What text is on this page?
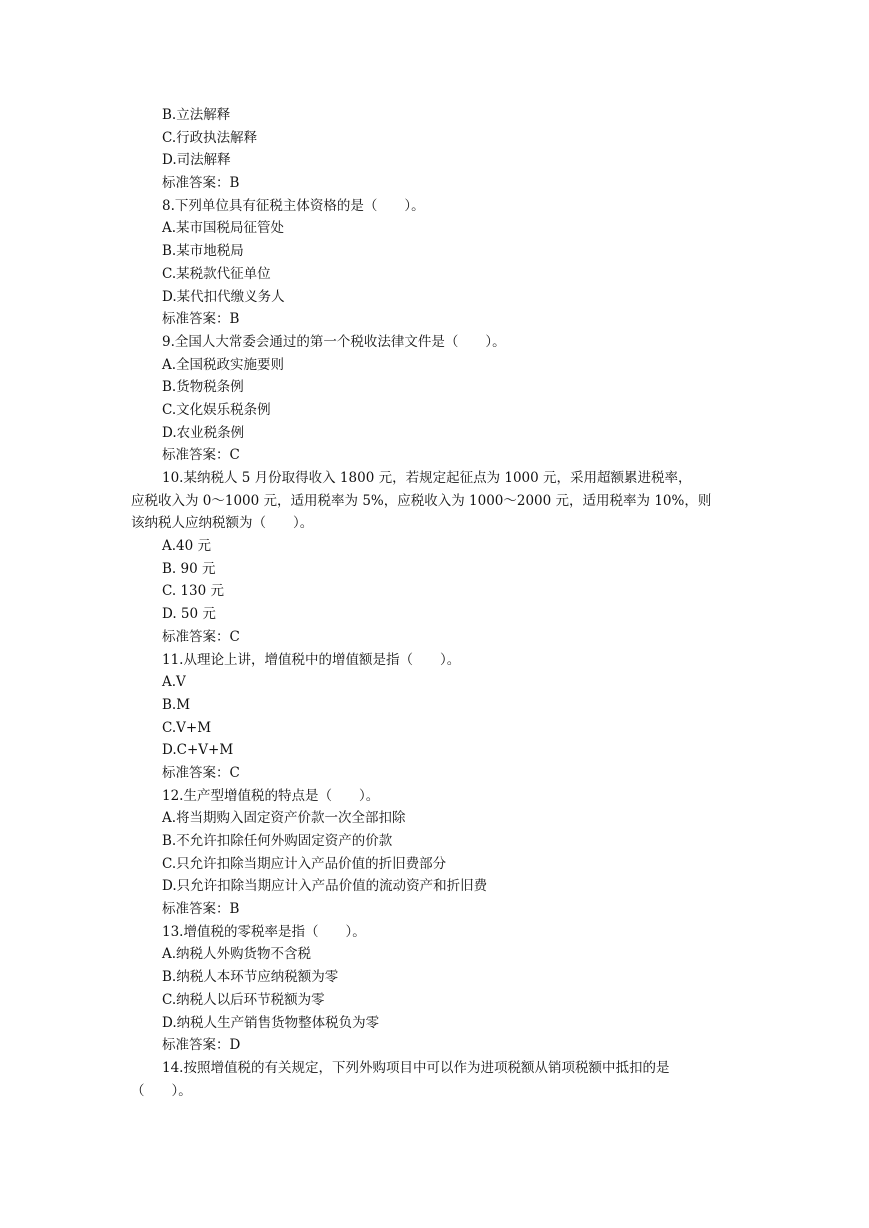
B.立法解释
C.行政执法解释
D.司法解释
标准答案：B
8.下列单位具有征税主体资格的是（　　）。
A.某市国税局征管处
B.某市地税局
C.某税款代征单位
D.某代扣代缴义务人
标准答案：B
9.全国人大常委会通过的第一个税收法律文件是（　　）。
A.全国税政实施要则
B.货物税条例
C.文化娱乐税条例
D.农业税条例
标准答案：C
10.某纳税人 5 月份取得收入 1800 元，若规定起征点为 1000 元，采用超额累进税率，
应税收入为 0～1000 元，适用税率为 5%，应税收入为 1000～2000 元，适用税率为 10%，则
该纳税人应纳税额为（　　）。
A.40 元
B. 90 元
C. 130 元
D. 50 元
标准答案：C
11.从理论上讲，增值税中的增值额是指（　　）。
A.V
B.M
C.V+M
D.C+V+M
标准答案：C
12.生产型增值税的特点是（　　）。
A.将当期购入固定资产价款一次全部扣除
B.不允许扣除任何外购固定资产的价款
C.只允许扣除当期应计入产品价值的折旧费部分
D.只允许扣除当期应计入产品价值的流动资产和折旧费
标准答案：B
13.增值税的零税率是指（　　）。
A.纳税人外购货物不含税
B.纳税人本环节应纳税额为零
C.纳税人以后环节税额为零
D.纳税人生产销售货物整体税负为零
标准答案：D
14.按照增值税的有关规定，下列外购项目中可以作为进项税额从销项税额中抵扣的是
（　　）。
